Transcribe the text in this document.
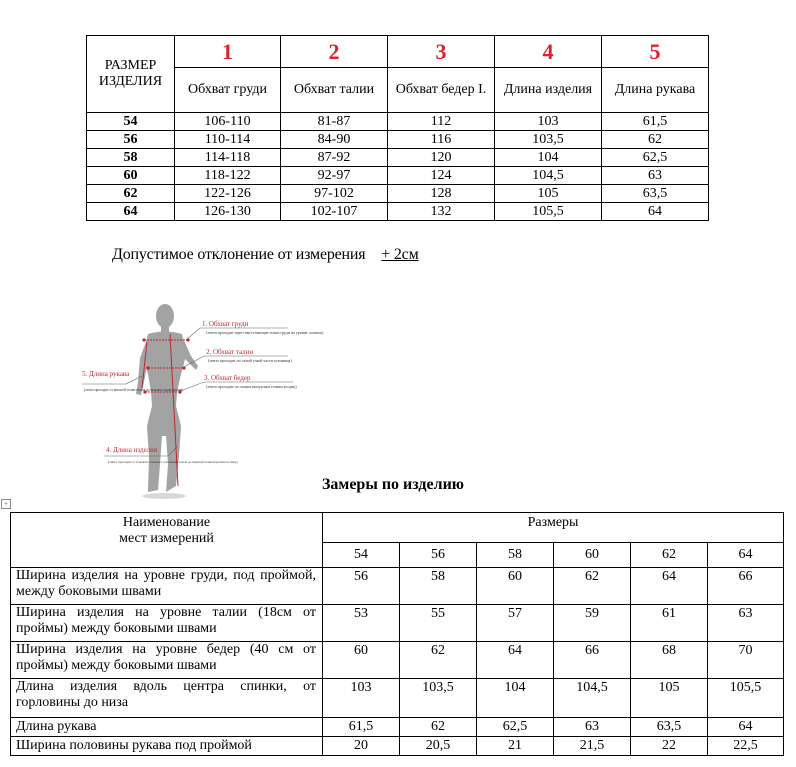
РАЗМЕР ИЗДЕЛИЯ	1	2	3	4	5
	Обхват груди	Обхват талии	Обхват бедер I.	Длина изделия	Длина рукава
54	106-110	81-87	112	103	61,5
56	110-114	84-90	116	103,5	62
58	114-118	87-92	120	104	62,5
60	118-122	92-97	124	104,5	63
62	122-126	97-102	128	105	63,5
64	126-130	102-107	132	105,5	64
Допустимое отклонение от измерения + 2см
1. Обхват груди
(лента проходит через выступающие точки груди на уровне лопаток)
2. Обхват талии
(лента проходит по самой узкой части туловища)
3. Обхват бедер
(лента проходит по самым выпуклым точкам ягодиц)
5. Длина рукава
(лента проходит от высшей точки плеча до нижнего края рукава)
4. Длина изделия
(лента проходит от бокового шейного основания плеча до нижней точки изделия по низу)
Замеры по изделию
+
Наименование
мест измерений	Размеры					
	54	56	58	60	62	64
Ширина изделия на уровне груди, под проймой, между боковыми швами	56	58	60	62	64	66
Ширина изделия на уровне талии (18см от проймы) между боковыми швами	53	55	57	59	61	63
Ширина изделия на уровне бедер (40 см от проймы) между боковыми швами	60	62	64	66	68	70
Длина изделия вдоль центра спинки, от горловины до низа	103	103,5	104	104,5	105	105,5
Длина рукава	61,5	62	62,5	63	63,5	64
Ширина половины рукава под проймой	20	20,5	21	21,5	22	22,5
